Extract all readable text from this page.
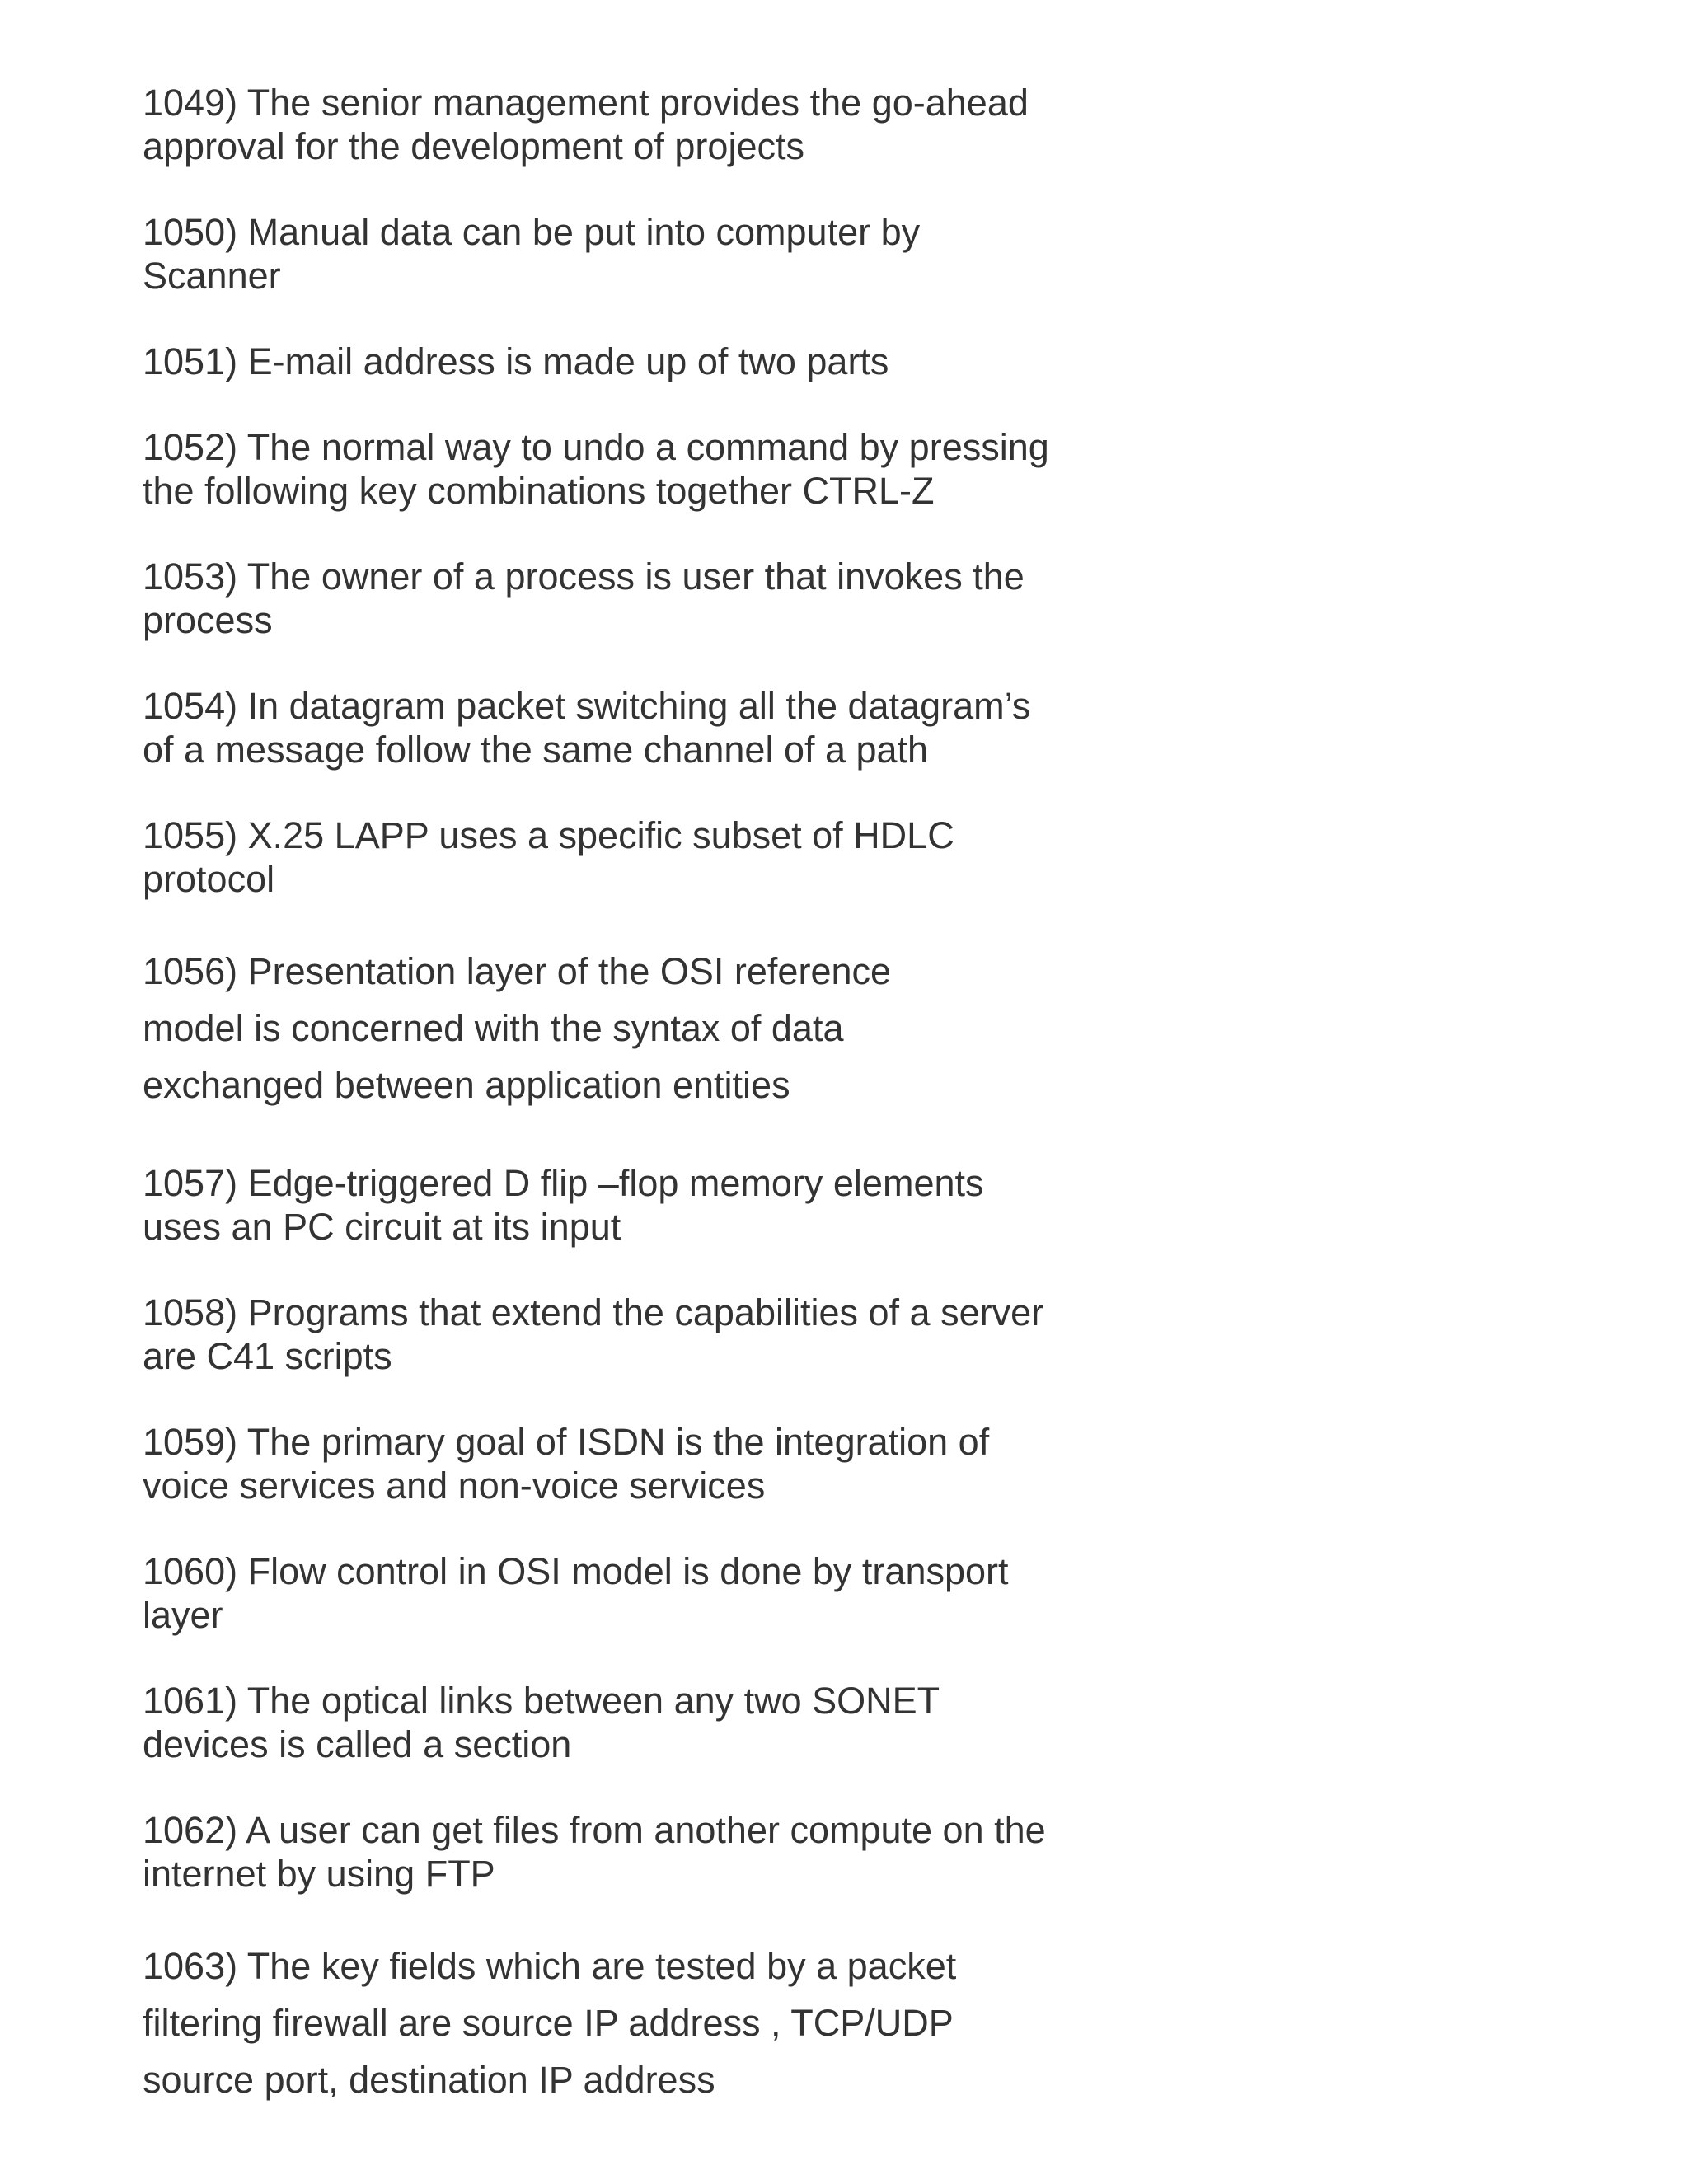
1049) The senior management provides the go-ahead
approval for the development of projects

1050) Manual data can be put into computer by
Scanner

1051) E-mail address is made up of two parts

1052) The normal way to undo a command by pressing
the following key combinations together CTRL-Z

1053) The owner of a process is user that invokes the
process

1054) In datagram packet switching all the datagram’s
of a message follow the same channel of a path

1055) X.25 LAPP uses a specific subset of HDLC
protocol

1056) Presentation layer of the OSI reference
model is concerned with the syntax of data
exchanged between application entities

1057) Edge-triggered D flip –flop memory elements
uses an PC circuit at its input

1058) Programs that extend the capabilities of a server
are C41 scripts

1059) The primary goal of ISDN is the integration of
voice services and non-voice services

1060) Flow control in OSI model is done by transport
layer

1061) The optical links between any two SONET
devices is called a section

1062) A user can get files from another compute on the
internet by using FTP

1063) The key fields which are tested by a packet
filtering firewall are source IP address , TCP/UDP
source port, destination IP address
